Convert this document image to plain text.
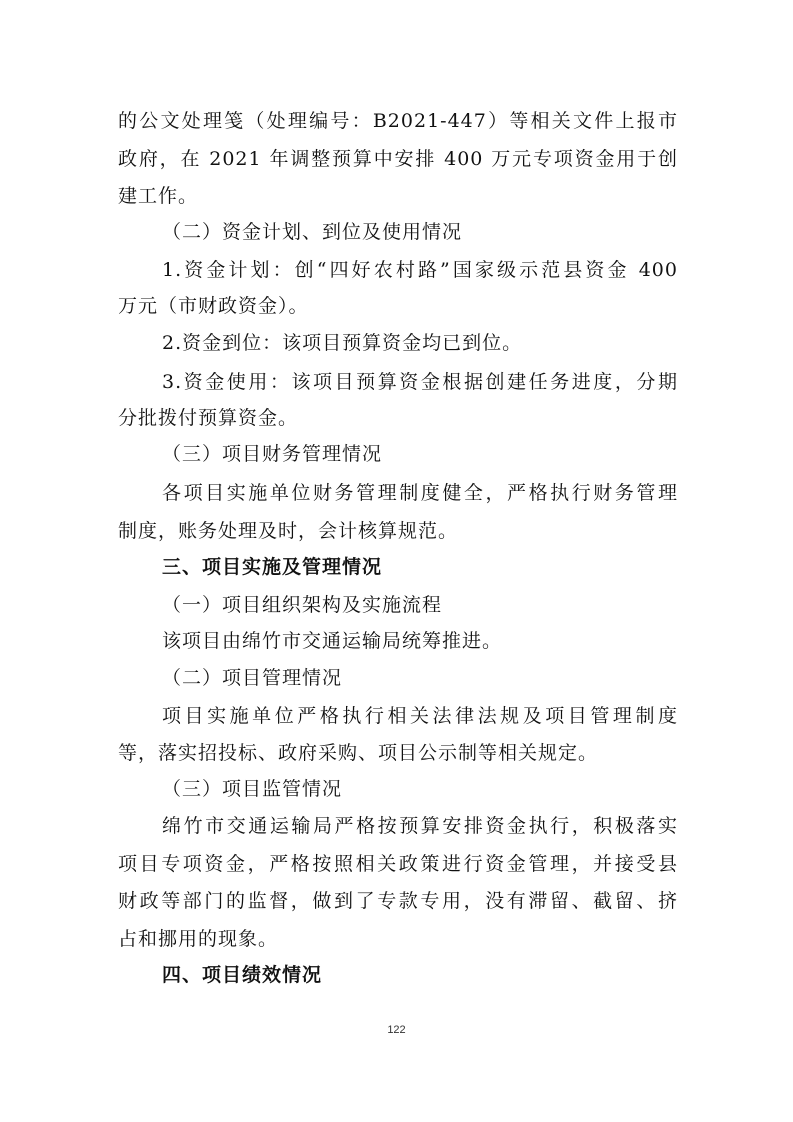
的公文处理笺（处理编号：B2021-447）等相关文件上报市
政府，在 2021 年调整预算中安排 400 万元专项资金用于创
建工作。
（二）资金计划、到位及使用情况
1.资金计划：创“四好农村路”国家级示范县资金 400
万元（市财政资金）。
2.资金到位：该项目预算资金均已到位。
3.资金使用：该项目预算资金根据创建任务进度，分期
分批拨付预算资金。
（三）项目财务管理情况
各项目实施单位财务管理制度健全，严格执行财务管理
制度，账务处理及时，会计核算规范。
三、项目实施及管理情况
（一）项目组织架构及实施流程
该项目由绵竹市交通运输局统筹推进。
（二）项目管理情况
项目实施单位严格执行相关法律法规及项目管理制度
等，落实招投标、政府采购、项目公示制等相关规定。
（三）项目监管情况
绵竹市交通运输局严格按预算安排资金执行，积极落实
项目专项资金，严格按照相关政策进行资金管理，并接受县
财政等部门的监督，做到了专款专用，没有滞留、截留、挤
占和挪用的现象。
四、项目绩效情况
122
